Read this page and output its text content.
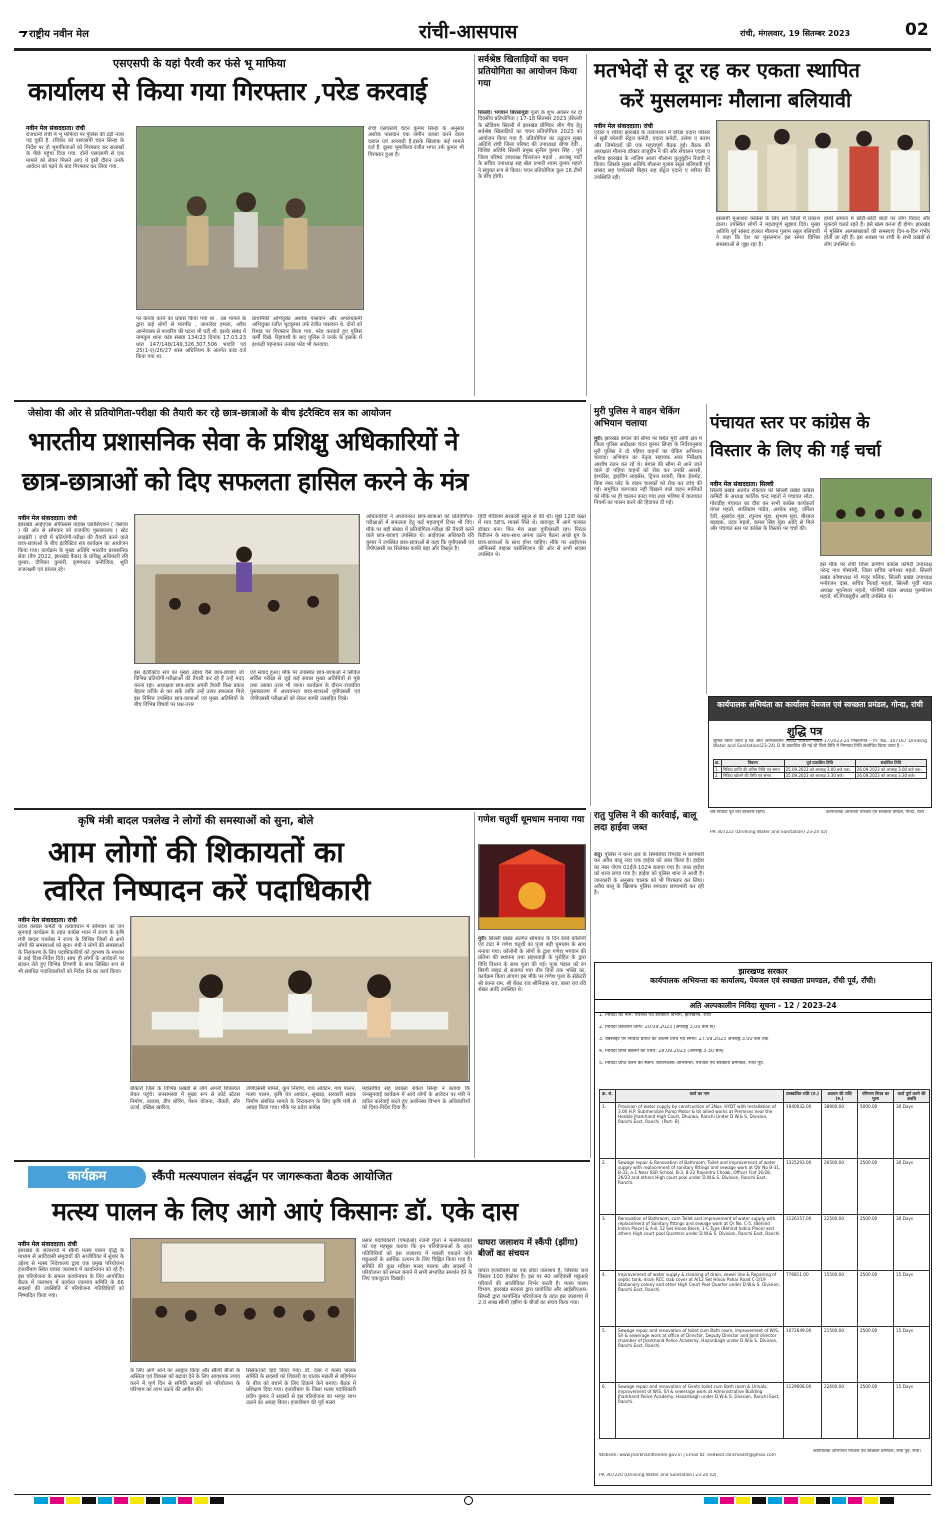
राष्ट्रीय नवीन मेल	रांची-आसपास	रांची, मंगलवार, 19 सितम्बर 2023	02
एसएसपी के यहां पैरवी कर फंसे भू माफिया
कार्यालय से किया गया गिरफ्तार ,परेड करवाई
नवीन मेल संवाददाता। रांची
राजधानी रांची में भू माफिया पर पुलिस की टेढ़ी नजर पड़ चुकी है. रविवार को एसएसपी चंदन सिन्हा के निर्देश पर दो भूमाफियाओं को गिरफ्तार कर सलाखों के पीछे पहुंचा दिया गया. दोनों एसएसपी से एक मामले को लेकर मिलने आए थे इसी दौरान उनके आवेदन को पढ़ने के बाद गिरफ्तार कर लिया गया.
रांची एसएसपी चंदन कुमार सिन्हा के अनुसार अशोक पासवान एक जमीन कब्जा करने वाला दलाल एवं अपराधी है.इसके खिलाफ़ कई मामले दर्ज हैं. दूसरा भूमाफिया रंजीत भगत उर्फ कुमार भी गिरफ्तार हुआ है।
पर कब्जा करने का प्रयास किया गया था . उस मामले के द्वारा कई लोगों से मारपीट , जानलेवा हमला, अवैध आग्नेयास्त्र से फायरिंग की घटना भी घटी थी. इसके संबंध में नामकुम थाना कांड संख्या 134/23 दिनांक 17.03.23 धारा 147/148/149,326,307,506 भादवि एवं 25(1-ए)/26/27 शस्त्र अधिनियम के अंतर्गत कांड दर्ज किया गया था.
प्राथमिकी अभियुक्त अशोक पासवान और अपराधकर्मी अभियुक्त रंजीत भुटकुमार उर्फ रंजीत पासवान थे. दोनों को रिमांड पर गिरफ्तार किया गया. परेड करवाते हुए पुलिस कर्मी दिखे. रिहायशी के बाद पुलिस ने उनके के इलाके में इश्कड़ी पहनाकर उनका परेड भी करवाया.
सर्वश्रेष्ठ खिलाड़ियों का चयन प्रतियोगिता का आयोजन किया गया
सिल्ली। भगवान बिरसामुंडा पूजा के शुभ अवसर पर दो दिवसीय प्रतियोगिता ( 17-18 सितम्बर 2023 )सिल्ली के स्टेडियम सिल्ली में झारखंड प्रीमियर लीग मैच हेतु सर्वश्रेष्ठ खिलाड़ियों का चयन प्रतियोगिता 2023 का आयोजन किया गया है. प्रतियोगिता का उद्घाटन मुख्य अतिथि रांची जिला परिषद की उपाध्यक्षा बीणा देवी , विशिष्ट अतिथि सिल्ली प्रमुख सुनील कुमार सिंह , पूर्व जिला परिषद उपाध्यक्ष चित्तरंजन महतो , आजसु पार्टी के सचिव उपाध्यक्ष सह खेल प्रभारी श्याम कुमार महतो ने संयुक्त रूप से किया। चयन प्रतियोगिता कुल 16 टीमों के बीच होगी।
मतभेदों से दूर रह कर एकता स्थापित
करें मुसलमानः मौलाना बलियावी
नवीन मेल संवाददाता। रांची
एदारा ए शरिया झारखंड के तत्वावधान में डोरंडा एदारा परिसर में सुन्नी बरेलवी सेंट्रल कमेटी, एदारा कमेटी, उलेमा ए कराम और जिम्मेदारों की एक महत्वपूर्ण बैठक हुई। बैठक की अध्यक्षता मौलाना डॉक्टर ताजुद्दीन ने की और संचालन एदारा ए शरिया झारखंड के नाजिम आला मौलाना कुतुबुद्दीन रिजवी ने किया। जिसके मुख्य अतिथि मौलाना गुलाम रसूल बलियावी पूर्व सांसद सह एमएलसी बिहार सह सेंट्रल एदारा ए शरिया की उपस्थिति रही।
इस्लामी मुआशरा कांफ्रेंस के लिए सर्व जिलों में प्रकाश डाला। उपस्थित लोगों ने महत्वपूर्ण सुझाव दिये। मुख्य अतिथि पूर्व सांसद हजरत मौलाना गुलाम रसूल बलियावी ने कहा कि देश का मुसलमान इस समय विभिन्न समस्याओं से जूझ रहा है।
हमारे समाज में छोटी-छोटी बातों पर लोग विवाद और मुकदमे चलते रहते हैं। इसे खत्म करना ही होगा। झारखंड में मुस्लिम अल्पसंख्यकों की समस्याएं दिन-ब-दिन गंभीर होती जा रही हैं। इस अवसर पर रांची के सभी प्रखंडों से लोग उपस्थित थे।
जेसोवा की ओर से प्रतियोगिता-परीक्षा की तैयारी कर रहे छात्र-छात्राओं के बीच इंटरैक्टिव सत्र का आयोजन
भारतीय प्रशासनिक सेवा के प्रशिक्षु अधिकारियों ने
छात्र-छात्राओं को दिए सफलता हासिल करने के मंत्र
नवीन मेल संवाददाता। रांची
झारखंड आईएएस ऑफिसर्स वाइव्स एसोसिएशन ( जेसोवा ) की ओर से सोमवार को राजकीय पुस्तकालय ( स्टेट लाइब्रेरी ) रांची में प्रतियोगी-परीक्षा की तैयारी करने वाले छात्र-छात्राओं के बीच इंटरैक्टिव सत्र कार्यक्रम का आयोजन किया गया। कार्यक्रम के मुख्य अतिथि भारतीय प्रशासनिक सेवा (बैच 2022, झारखंड कैडर) के प्रशिक्षु अधिकारी रवि कुमार, दीपिका कुमारी, कृष्णकांत कनौजिया, श्रुति राजलक्ष्मी एवं प्रांजल रहे।
इस इंटरैक्टिव सत्र का मुख्य उद्देश्य वैसे छात्र-छात्राएं जो विभिन्न प्रतियोगी-परीक्षाओं की तैयारी कर रहे हैं उन्हें मदद करना रहा। अध्यक्षता छात्र-छात्रा अपनी तैयारी किस प्रकार बेहतर तरीके से कर सकें ताकि उन्हें उत्पर सफलता मिले इस निमित्त उपस्थित छात्र-छात्राओं एवं मुख्य अतिथियों के बीच विभिन्न विषयों पर प्रश्न-उत्तर
एवं संवाद हुआ। मौके पर उपस्थित छात्र-छात्राओं ने सिविल सर्विस परीक्षा से जुड़े कई सवाल मुख्य अतिथियों से पूछे तथा उसका उत्तर भी जाना। कार्यक्रम के दौरान राजकीय पुस्तकालय में अध्ययनरत छात्र-छात्राओं यूपीएससी एवं जेपीएससी परीक्षाओं को लेकर काफी उत्साहित दिखे।
अधिकारियों ने अध्ययनरत छात्र-छात्राओं को प्रतियोगिता-परीक्षाओं में सफलता हेतु कई महत्वपूर्ण टिप्स भी दिए। मौके पर बड़ी संख्या में प्रतियोगिता-परीक्षा की तैयारी करने वाले छात्र-छात्राएं उपस्थित थे। आईएएस अधिकारी रवि कुमार ने उपस्थित छात्र-छात्राओं से कहा कि यूपीएससी एवं जेपीएससी का सिलेबस काफी बड़ा और विस्तृत है।
हिंदी मीडियम सरकारी स्कूल से की थी। मुझे 12वीं कक्षा में मात्र 58% मार्क्स मिले थे। बावजूद मैं आगे चलकर डॉक्टर बना। फिर मेरा लक्ष्य यूपीएससी रहा। निरंतर रिवीजन के साथ-साथ अपना उठना बैठना अच्छे ग्रुप के छात्र-छात्राओं के साथ होना चाहिए। मौके पर आईएएस ऑफिसर्स वाइव्स एसोसिएशन की ओर से सभी सदस्य उपस्थित थे।
मुरी पुलिस ने वाहन चेकिंग अभियान चलाया
मुरी। झारखंड बंगाल की सीमा पर स्थित मुरी ओपी क्षेत्र में जिला पुलिस अधीक्षक चंदन कुमार सिन्हा के निर्देशानुसार मुरी पुलिस ने दो पहिया वाहनों का चेकिंग अभियान चलाया। अभियान का नेतृत्व सहायक अवर निरीक्षक आशीष रंजन कर रहे थे। बंगाल की सीमा से आने जाने वाले दो पहिया वाहनों को रोक कर उनकी आरसी, इंश्योरेंस, ड्राइविंग लाइसेंस, ट्रिपल सवारी, बिना हेलमेट, बिना नंबर प्लेट के वाहन चालकों को रोक कर जांच की गई। समुचित कागजात नहीं दिखाने वाले वाहन मालिकों को मौके पर ही चालान काटा गया तथा भविष्य में यातायात नियमों का पालन करने की हिदायत दी गई।
पंचायत स्तर पर कांग्रेस के
विस्तार के लिए की गई चर्चा
नवीन मेल संवाददाता। सिल्ली
सिल्ली प्रखंड अंतर्गत रंकियार को सिल्ली प्रखंड कांग्रेस कमिटी के अध्यक्ष कार्तिक चन्द्र महतो ने पंचायत लोटा, गोराडीह पंचायत का दौरा कर सभी कांग्रेस कार्यकर्ता मंगल महतो, शालिग्राम पांडेय, अशोक साहू, उर्मिला देवी, सुखदेव मुंडा, रघुनाथ मुंडा, सुभाष मुंडा, बीरबल बड़ाइक, उदय महतो, कमल सिंह मुंडा आदि से मिले और पंचायत स्तर पर कांग्रेस के विस्तार पर चर्चा की।
इस मौके पर रांची जिला ग्रामीण कांग्रेस कमिटी उपाध्यक्ष नरेन्द्र नाथ गोस्वामी, जिला सचिव नागेश्वर महतो, सिल्ली प्रखंड कोषाध्यक्ष मो मंजूर मलिक, सिल्ली प्रखंड उपाध्यक्ष मनोरंजन दास, सचिव निताई महतो, सिल्ली पूर्वी मंडल अध्यक्ष भुवनेश्वर महतो, पश्चिमी मंडल अध्यक्ष पुरुषोत्तम महतो, मो.गियासुद्दीन आदि उपस्थित थे।
कार्यपालक अभियंता का कार्यालय पेयजल एवं स्वच्छता प्रमंडल, गोन्दा, रांची
शुद्धि पत्र
सूचित किया जाता है कि अति अल्पकालीन निविदा आमंत्रण संख्या-17/2023-24 निकालपत्र - Pr. No. 307167 Drinking Water and Sanitation(23-24) D के प्रकाशित की गई थी जिसे विधि में निम्नवत तिथि संशोधित किया जाता है :-
क्र.	विवरण	पूर्व प्रकाशित तिथि	संशोधित तिथि
1.	निविदा प्राप्ति की अंतिम तिथि एवं समय	25.09.2023 को अपराह्न 3.00 बजे तक।	26.09.2023 को अपराह्न 3.00 बजे तक।
2.	निविदा खोलने की तिथि एवं समय	25.09.2023 को अपराह्न 3.30 बजे।	26.09.2023 को अपराह्न 3.30 बजे।
शेष निविदा पूर्व वत्त बरकरार रहेगी।	कार्यपालक अभियंता पेयजल एवं स्वच्छता प्रमंडल, गोन्दा, रांची
PR 307222 (Drinking Water and Sanitation) 23-24 (D)
कृषि मंत्री बादल पत्रलेख ने लोगों की समस्याओं को सुना, बोले
आम लोगों की शिकायतों का
त्वरित निष्पादन करें पदाधिकारी
नवीन मेल संवाददाता। रांची
प्रदेश कांग्रेस कमेटी के तत्वावधान में सोमवार को जन सुनवाई कार्यक्रम के तहत कांग्रेस भवन में राज्य के कृषि मंत्री बादल पत्रलेख ने राज्य के विभिन्न जिलों से आये लोगों की समस्याओं को सुना। मंत्री ने लोगों की समस्याओं के निराकरण के लिए पदाधिकारियों को दूरभाष के माध्यम से कई दिशा-निर्देश दिये। साथ ही लोगों के आवेदनों पर संज्ञान लेते हुए विभिन्न टिप्पणी के साथ लिखित रूप से भी संबंधित पदाधिकारियों को निर्देश देने का कार्य किया।
बोकारो जिले के विभिन्न प्रखंडों से लोग अपनी शिकायत लेकर पहुंचे। जनसमस्या में मुख्य रूप से कोर्ट स्टेटस निर्माण, तालाब, डीप बोरिंग, पेंशन योजना, नौकरी, सौर ऊर्जा, दखिल खारिज,
जेपीएससी मामले, कूप निर्माण, गाय आवंटन, गाय पालन, मत्स्य पालन, कृषि यंत्र आवंटन, सुखाड़, सरकारी सड़क निर्माण संबंधित मामले के निराकरण के लिए कृषि मंत्री से आग्रह किया गया। मौके पर प्रदेश कांग्रेस
महासचिव सह प्रवक्ता राकेश सिन्हा ने बताया कि जनसुनवाई कार्यक्रम में आये लोगों के आवेदन पर मंत्री ने त्वरित कार्रवाई करते हुए अधीनस्थ विभाग के अधिकारियों को दिशा-निर्देश दिया है।
गणेश चतुर्थी धूमधाम मनाया गया
मुरी। सिल्ली प्रखंड अंतर्गत सोमवार के दिन रेलवे कॉलोनी एवं टाटा मे गणेश चतुर्थी का पूजा बड़ी धूमधाम के साथ मनाया गया। कॉलोनी के लोगों के द्वारा गणेश भगवान की प्रतिमा की स्थापना तथा संहारवाड़ी के पुरोहित के द्वारा विधि विधान के साथ पूजा की गई। पूजा पंडाल को रंग बिरंगी लाइट से सजाया गया तीन दिनों तक भक्ति का, कार्यक्रम किया जाएगा इस मौके पर गणेश पूजा के सेक्रेटरी श्री कान्त राम, श्री बेंकट राव श्रीनिवास राव, बाला राव रवि शेखर आदि उपस्थित थे।
रातु पुलिस ने की कार्रवाई, बालू लदा हाईवा जब्त
रातु। पुलिस ने थाना क्षेत्र के सिमलिया रिंगरोड में छापेमारी कर अवैध बालू लदा एक हाईवा को जब्त किया है। हाईवा का नंबर जेएच 01ईजे-1024 बताया गया है। जब्त हाईवा को थाना लाया गया है। हाईवा को पुलिस थाना ले आयी है। जानकारी के अनुसार चालक को भी गिरफ्तार कर लिया। अवैध बालू के खिलाफ पुलिस लगातार छापामारी कर रही है।
झारखण्ड सरकार
कार्यपालक अभियन्ता का कार्यालय, पेयजल एवं स्वच्छता प्रमण्डल, राँची पूर्व, राँची।
अति अल्पकालीन निविदा सूचना - 12 / 2023-24
1. निविदा का नाम: पेयजल एवं स्वच्छता विभाग, झारखण्ड, राँची
2. निविदा प्रकाशन तिथि: 20.09.2023 (अपराह्न 3.00 बजे से)
3. वेबसाइट पर निविदा प्राप्ति की अंतिम तिथि एवं समय: 27.09.2023 अपराह्न 3.00 बजे तक
4. निविदा प्रपत्र खोलने की तिथि: 28.09.2023 (अपराह्न 3.30 बजे)
5. निविदा प्राप्त करने का स्थान: कार्यपालक अभियन्ता, पेयजल एवं स्वच्छता प्रमण्डल, राँची पूर्व
क्र. सं.	कार्य का नाम	प्राक्कलित राशि (रु.)	अग्रधन की राशि (रु.)	परिमाण विपत्र का मूल्य	कार्य पूर्ण करने की अवधि
1.	Provision of water supply by construction of 2Nos. HYDT with Installation of 3.00 H.P. Submersible Pump Motor & Its allied works at Premises near the Honble Jharkhand High Court, Dhurwa, Ranchi Under D.W.& S. Division, Ranchi East, Ranchi. (Part- B).	1940032.00	38900.00	5000.00	30 Days
2.	Sewage repair & Renovation of Bathroom, Toilet and improvement of water supply with replacement of sanitary fittings and sewage work at Qtr No B-31, B-33, a-1 Near SSR School, B-3, B-22 Rajendra Chowk, Officer Flat 16/28, 26/23 and others High court pool under D.W.& S. Division, Ranchi East, Ranchi.	1325293.00	26500.00	2500.00	30 Days
3.	Renovation of Bathroom, cum Toilet and improvement of water supply with replacement of Sanitary fittings and sewage work at Qr No. C-5, (Behind Indira Place) & A-8, 12 Set Hinoo Block, 1-C-Type (Behind Indira Place) and others High court pool Quarters under D.W.& S. Division, Ranchi East, Ranchi.	1126157.00	22500.00	2500.00	30 Days
4.	Improvement of water supply & cleaning of drain, sewer line & Repairing of septic tank, drain RCC slab cover at A/12 Set Hinoo Pahar Road C-2/19 Stationary colony and other High Court Pool Quarter under D.W.& S. Division, Ranchi East, Ranchi.	776811.00	15500.00	2500.00	15 Days
5.	Sewage repair and renovation of toilet cum Bath room, improvement of W/S, S/I & sewerage work at office of Director, Deputy Director and Joint director chamber of Jharkhand Police Academy, Hazaribagh under D.W.& S. Division, Ranchi East, Ranchi.	1072649.00	21500.00	2500.00	15 Days
6.	Sewage repair and renovation of Gents toilet cum Bath room & Urinals, improvement of W/S, S/I & sewerage work at Administrative Building Jharkhand Police Academy, Hazaribagh under D.W.& S. Division, Ranchi East, Ranchi.	1129608.00	22600.00	2500.00	15 Days
Website: www.jharkhandtender.gov.in | Email ID: eedwsd.ranchieast@gmail.com
कार्यपालक अभियन्ता पेयजल एवं स्वच्छता प्रमण्डल, राँची पूर्व, राँची।
PR 307220 (Drinking Water and Sanitation) 23-24 (D)
कार्यक्रम	स्कैंपी मत्स्यपालन संवर्द्धन पर जागरूकता बैठक आयोजित
मत्स्य पालन के लिए आगे आएं किसानः डॉ. एके दास
नवीन मेल संवाददाता। रांची
झारखंड के जलाशयों में स्कैंपी मत्स्य पालन वृद्धि के माध्यम से आदिवासी समुदायों की आजीविका में सुधार के उद्देश्य से मत्स्य निदेशालय द्वारा एक प्रमुख परियोजना हजारीबाग स्थित घाघरा जलाशय में कार्यान्वयन को रहे हैं। इस परियोजना के सफल कार्यान्वयन के लिए आयोजित बैठक में जलाशय में कार्यरत एकमात्र समिति के 66 सदस्यों की उपस्थिति में परियोजना गतिविधियों को निष्पादित किया गया।
के लिए आगे आने का आह्वान किया और स्कैंपी बीजों के अस्तित्व एवं विकास को बढ़ावा देने के लिए आवश्यक उपाय करने में पूर्ण दिन से समिति सदस्यों को परियोजना के परिणाम का लाभ उठाने की अपील की।
सिर्सक)को व्हर्ड किया गया। डॉ. दास ने मत्स्य पालक समिति के सदस्यों को शिकारी या घातक मछली से बहिर्गमन के बीज को बचाने के लिए टिकाने केने बनाएं। बैठक में प्रशिक्षण दिया गया। हजारीबाग के जिला मत्स्य पदाधिकारी प्रदीप कुमार ने सदस्यों से इस परियोजना का भरपूर लाभ उठाने का आग्रह किया। हजारीबाग की पूर्व मत्स्य
प्रसार पदाधिकारी (एफईओ) रजनी गुप्ता ने मत्स्यपालकों को यह महसूस कराया कि इन परियोजनाओं के तहत गतिविधियों को इस जलाशय में मछली पकड़ने वाले मछुआरों के आर्थिक उत्थान के लिए चिह्नित किया गया है। समिति की कुछ महिला मत्स्य पालक और सदस्यों ने परियोजना को सफल बनाने में सभी संभावित समर्थन देने के लिए एकजुटता दिखाई।
घाघरा जलाशय में स्कैंपी (झींगा) बीजों का संचयन
घाघरा हजारीबाग का एक छोटा जलाशय है, जिसका जल विस्तार 100 हेक्टेयर है। इस पर 40 आदिवासी मछुआरे परिवारों की आजीविका निर्भर करती है। मत्स्य पालन विभाग, झारखंड सरकार द्वारा प्रायोजित और आईसीएआर-सिफरी द्वारा कार्यान्वित परियोजना के तहत इस जलाशय में 2.0 लाख स्कैंपी /झींगा के बीजों का संचय किया गया।
